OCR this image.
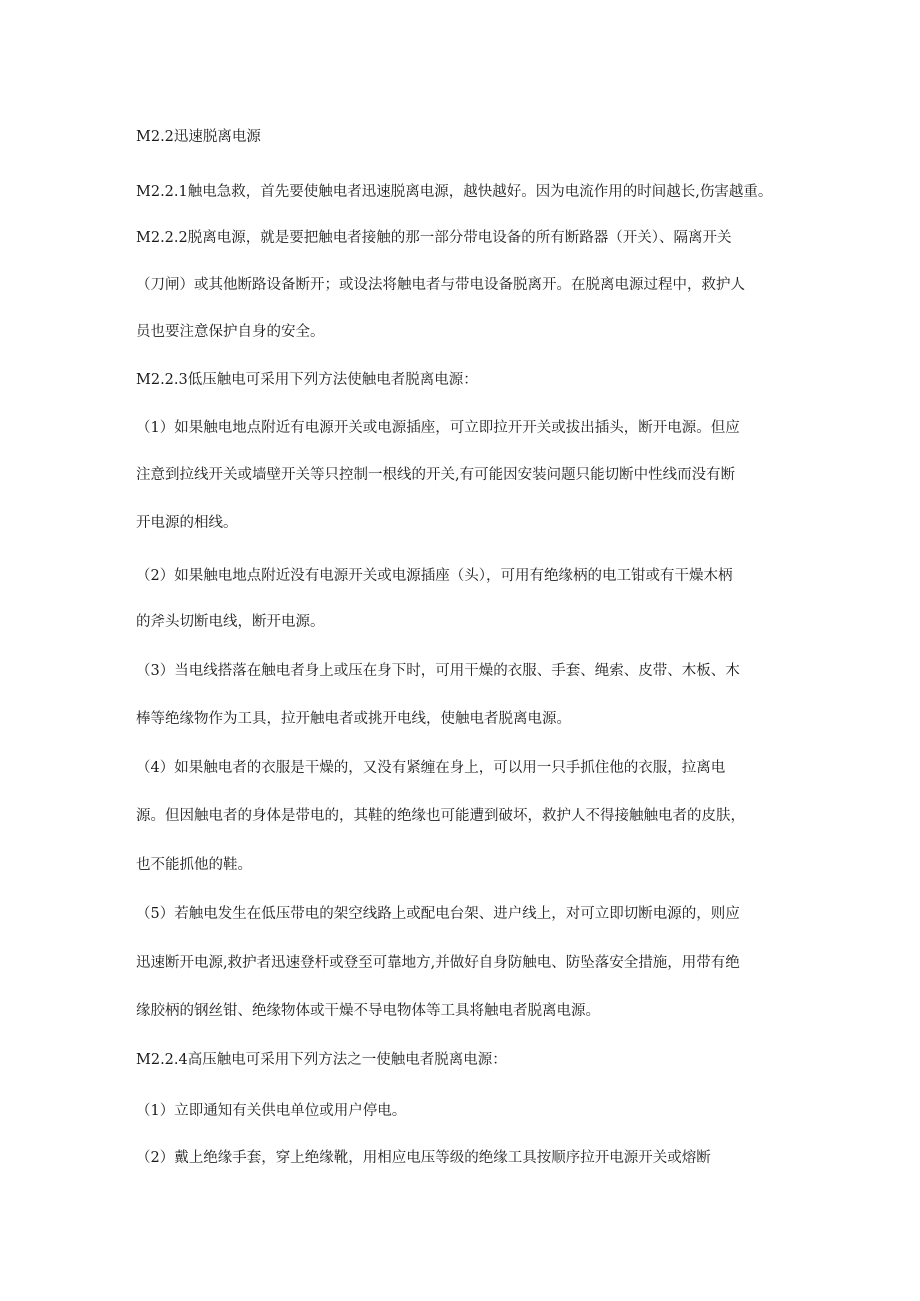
M2.2迅速脱离电源
M2.2.1触电急救，首先要使触电者迅速脱离电源，越快越好。因为电流作用的时间越长,伤害越重。
M2.2.2脱离电源，就是要把触电者接触的那一部分带电设备的所有断路器（开关）、隔离开关
（刀闸）或其他断路设备断开；或设法将触电者与带电设备脱离开。在脱离电源过程中，救护人
员也要注意保护自身的安全。
M2.2.3低压触电可采用下列方法使触电者脱离电源：
（1）如果触电地点附近有电源开关或电源插座，可立即拉开开关或拔出插头，断开电源。但应
注意到拉线开关或墙壁开关等只控制一根线的开关,有可能因安装问题只能切断中性线而没有断
开电源的相线。
（2）如果触电地点附近没有电源开关或电源插座（头），可用有绝缘柄的电工钳或有干燥木柄
的斧头切断电线，断开电源。
（3）当电线搭落在触电者身上或压在身下时，可用干燥的衣服、手套、绳索、皮带、木板、木
棒等绝缘物作为工具，拉开触电者或挑开电线，使触电者脱离电源。
（4）如果触电者的衣服是干燥的，又没有紧缠在身上，可以用一只手抓住他的衣服，拉离电
源。但因触电者的身体是带电的，其鞋的绝缘也可能遭到破坏，救护人不得接触触电者的皮肤，
也不能抓他的鞋。
（5）若触电发生在低压带电的架空线路上或配电台架、进户线上，对可立即切断电源的，则应
迅速断开电源,救护者迅速登杆或登至可靠地方,并做好自身防触电、防坠落安全措施，用带有绝
缘胶柄的钢丝钳、绝缘物体或干燥不导电物体等工具将触电者脱离电源。
M2.2.4高压触电可采用下列方法之一使触电者脱离电源：
（1）立即通知有关供电单位或用户停电。
（2）戴上绝缘手套，穿上绝缘靴，用相应电压等级的绝缘工具按顺序拉开电源开关或熔断
